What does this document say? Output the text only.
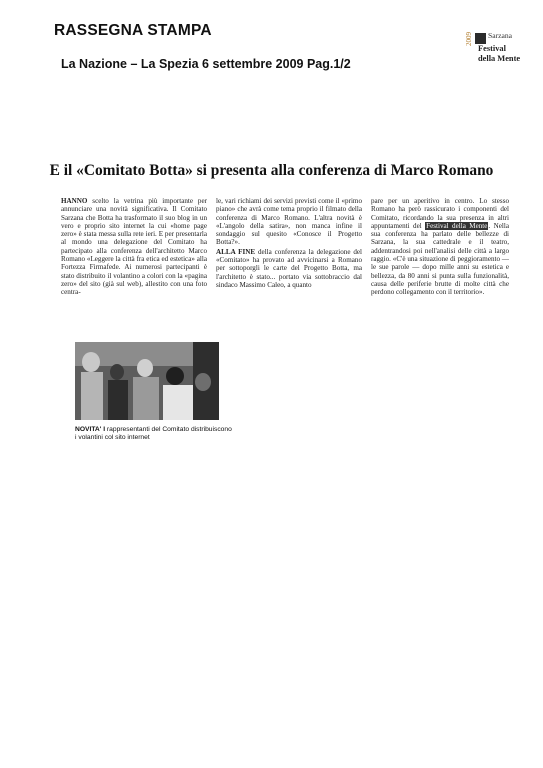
RASSEGNA STAMPA
La Nazione – La Spezia 6 settembre 2009 Pag.1/2
2009 Sarzana
Festival
della Mente
E il «Comitato Botta» si presenta alla conferenza di Marco Romano

HANNO scelto la vetrina più importante per annunciare una novità significativa. Il Comitato Sarzana che Botta ha trasformato il suo blog in un vero e proprio sito internet la cui «home page zero» è stata messa sulla rete ieri. E per presentarla al mondo una delegazione del Comitato ha partecipato alla conferenza dell'architetto Marco Romano «Leggere la città fra etica ed estetica» alla Fortezza Firmafede. Ai numerosi partecipanti è stato distribuito il volantino a colori con la «pagina zero» del sito (già sul web), allestito con una foto centra-

le, vari richiami dei servizi previsti come il «primo piano» che avrà come tema proprio il filmato della conferenza di Marco Romano. L'altra novità è «L'angolo della satira», non manca infine il sondaggio sul quesito «Conosce il Progetto Botta?».

ALLA FINE della conferenza la delegazione del «Comitato» ha provato ad avvicinarsi a Romano per sottoporgli le carte del Progetto Botta, ma l'architetto è stato... portato via sottobraccio dal sindaco Massimo Caleo, a quanto

pare per un aperitivo in centro. Lo stesso Romano ha però rassicurato i componenti del Comitato, ricordando la sua presenza in altri appuntamenti del Festival della Mente. Nella sua conferenza ha parlato delle bellezze di Sarzana, la sua cattedrale e il teatro, addentrandosi poi nell'analisi delle città a largo raggio. «C'è una situazione di peggioramento — le sue parole — dopo mille anni su estetica e bellezza, da 80 anni si punta sulla funzionalità, causa delle periferie brutte di molte città che perdono collegamento con il territorio».

NOVITA' I rappresentanti del Comitato distribuiscono i volantini col sito internet
